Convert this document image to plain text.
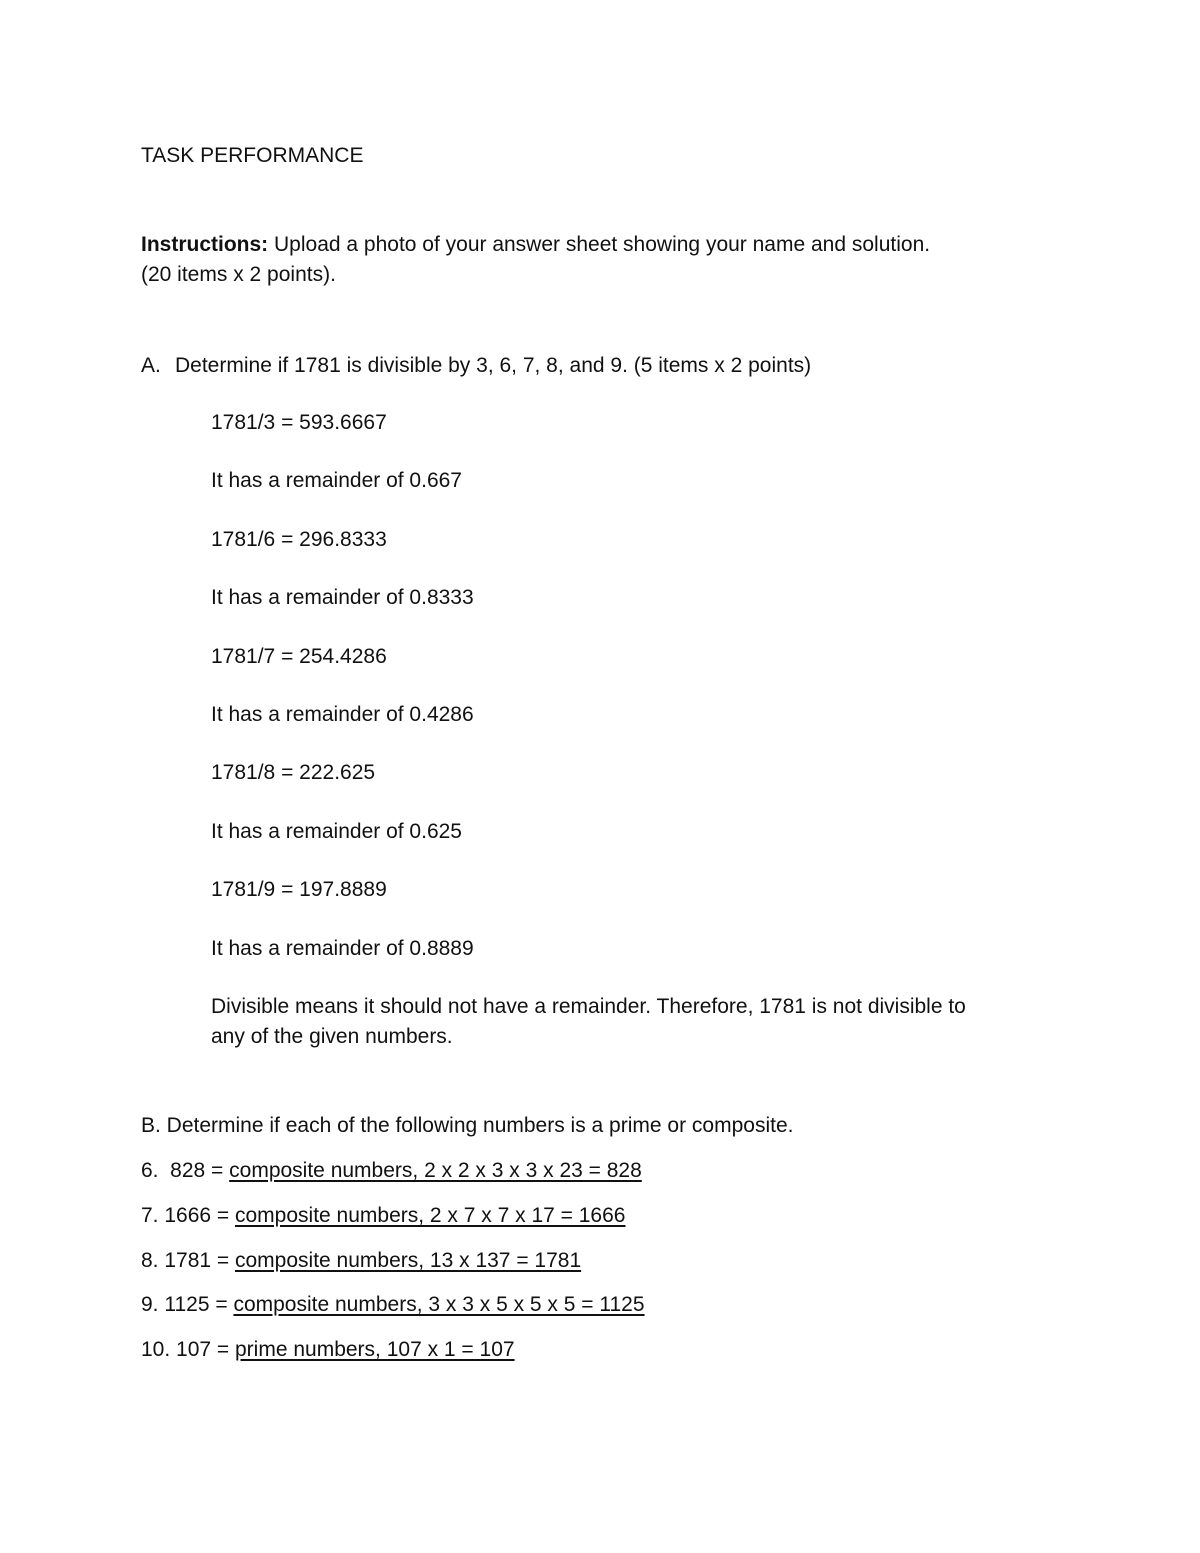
TASK PERFORMANCE
Instructions: Upload a photo of your answer sheet showing your name and solution.
(20 items x 2 points).
A. Determine if 1781 is divisible by 3, 6, 7, 8, and 9. (5 items x 2 points)
1781/3 = 593.6667
It has a remainder of 0.667
1781/6 = 296.8333
It has a remainder of 0.8333
1781/7 = 254.4286
It has a remainder of 0.4286
1781/8 = 222.625
It has a remainder of 0.625
1781/9 = 197.8889
It has a remainder of 0.8889
Divisible means it should not have a remainder. Therefore, 1781 is not divisible to
any of the given numbers.
B. Determine if each of the following numbers is a prime or composite.
6.  828 = composite numbers, 2 x 2 x 3 x 3 x 23 = 828
7. 1666 = composite numbers, 2 x 7 x 7 x 17 = 1666
8. 1781 = composite numbers, 13 x 137 = 1781
9. 1125 = composite numbers, 3 x 3 x 5 x 5 x 5 = 1125
10. 107 = prime numbers, 107 x 1 = 107
